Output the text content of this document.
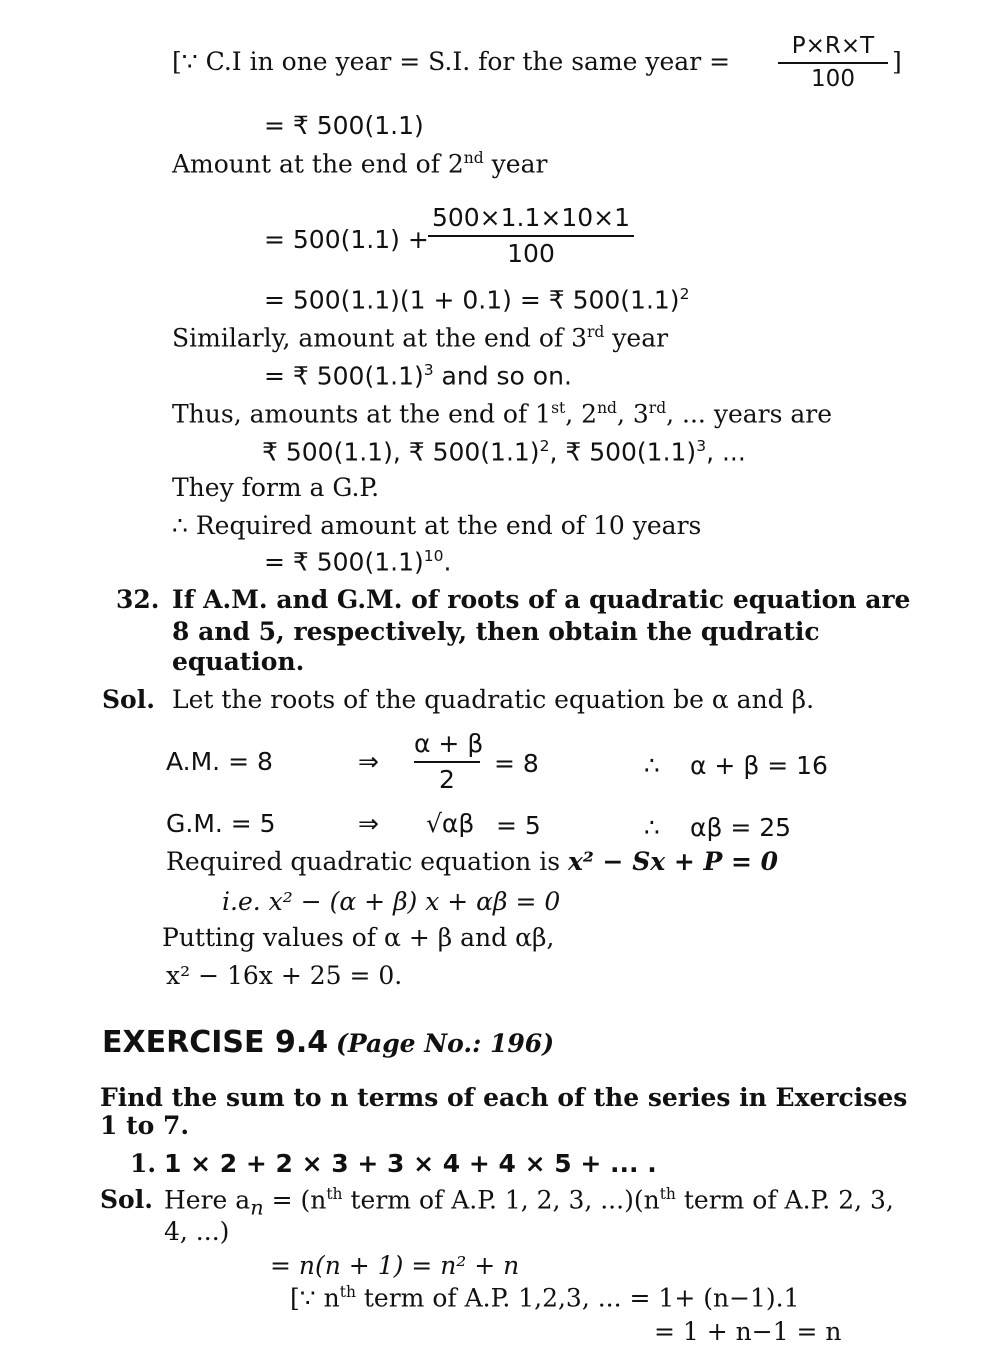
[∵ C.I in one year = S.I. for the same year = $\frac{P\times R\times T}{100}$ ]
= ₹ 500(1.1)
Amount at the end of 2nd year
= $500(1.1) + \frac{500\times 1.1\times 10\times 1}{100}$
= 500(1.1)(1 + 0.1) = ₹ $500(1.1)^2$
Similarly, amount at the end of 3rd year
= ₹ $500(1.1)^3$ and so on.
Thus, amounts at the end of 1st, 2nd, 3rd, ... years are
₹ 500(1.1), ₹ $500(1.1)^2$, ₹ $500(1.1)^3$, ...
They form a G.P.
∴ Required amount at the end of 10 years
= ₹ $500(1.1)^{10}$.
32. If A.M. and G.M. of roots of a quadratic equation are
8 and 5, respectively, then obtain the qudratic
equation.
Sol. Let the roots of the quadratic equation be α and β.
A.M. = 8	⇒ $\frac{\alpha + \beta}{2} = 8$	∴ α + β = 16
G.M. = 5	⇒ √αβ = 5	∴ αβ = 25
Required quadratic equation is x² − Sx + P = 0
i.e. x² − (α + β) x + αβ = 0
Putting values of α + β and αβ,
x² − 16x + 25 = 0.
EXERCISE 9.4 (Page No.: 196)
Find the sum to n terms of each of the series in Exercises
1 to 7.
1. 1 × 2 + 2 × 3 + 3 × 4 + 4 × 5 + ... .
Sol. Here $a_n = (n^{th}$ term of A.P. 1, 2, 3, $...)(n^{th}$ term of A.P. 2, 3,
4, ...)
= n(n + 1) = n² + n
[∵ $n^{th}$ term of A.P. 1,2,3, ... = 1+ (n−1).1
= 1 + n−1 = n
